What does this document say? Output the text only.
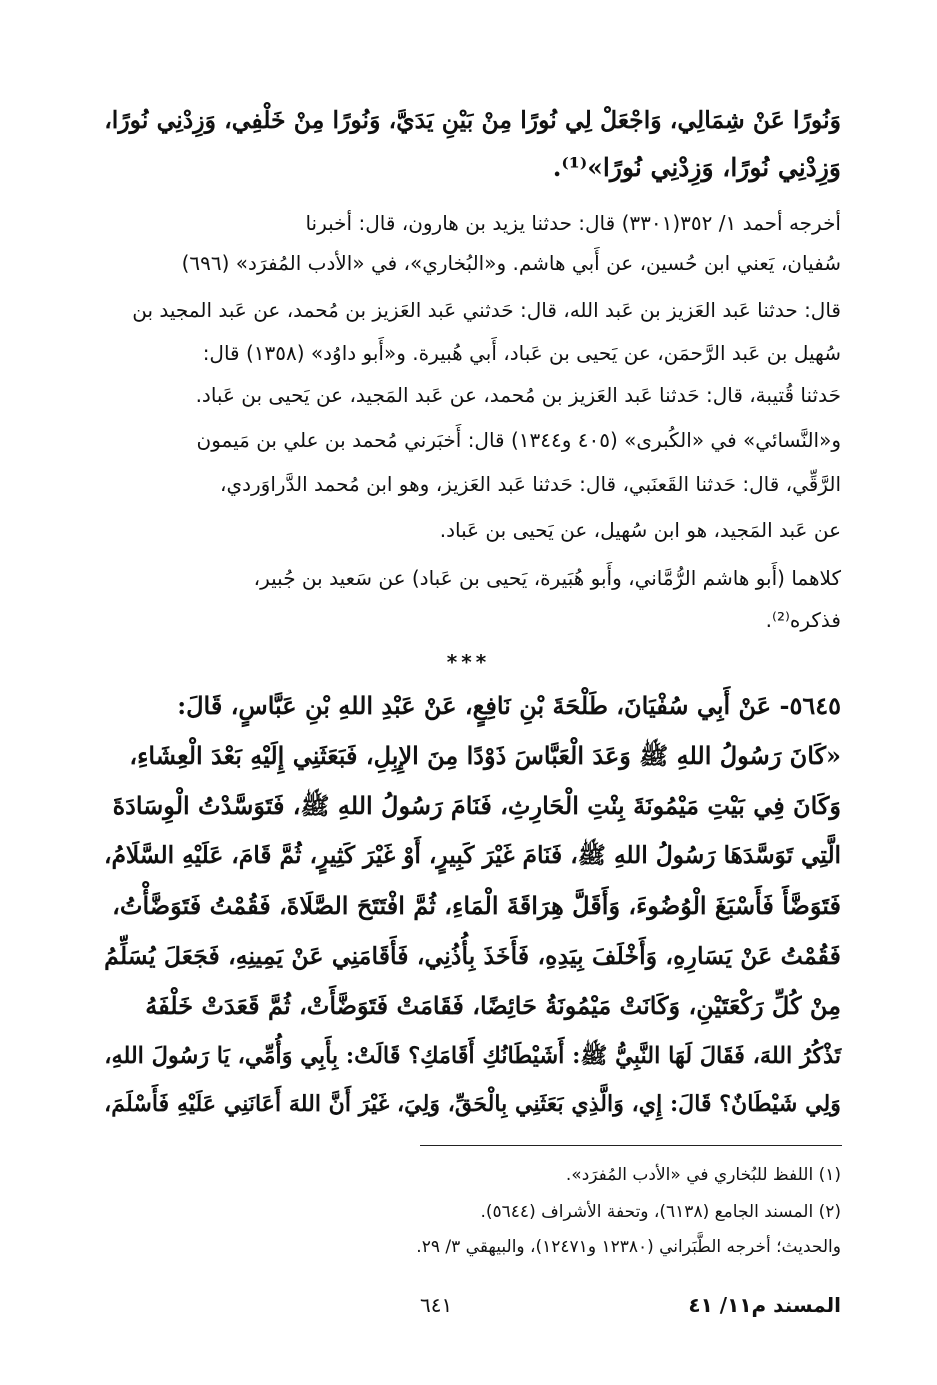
وَنُورًا عَنْ شِمَالِي، وَاجْعَلْ لِي نُورًا مِنْ بَيْنِ يَدَيَّ، وَنُورًا مِنْ خَلْفِي، وَزِدْنِي نُورًا،
وَزِدْنِي نُورًا، وَزِدْنِي نُورًا»⁽¹⁾.
أخرجه أحمد ١/ ٣٥٢(٣٣٠١) قال: حدثنا يزيد بن هارون، قال: أخبرنا
سُفيان، يَعني ابن حُسين، عن أَبي هاشم. و«البُخاري»، في «الأدب المُفرَد» (٦٩٦)
قال: حدثنا عَبد العَزيز بن عَبد الله، قال: حَدثني عَبد العَزيز بن مُحمد، عن عَبد المجيد بن
سُهيل بن عَبد الرَّحمَن، عن يَحيى بن عَباد، أَبي هُبيرة. و«أَبو داوُد» (١٣٥٨) قال:
حَدثنا قُتيبة، قال: حَدثنا عَبد العَزيز بن مُحمد، عن عَبد المَجيد، عن يَحيى بن عَباد.
و«النَّسائي» في «الكُبرى» (٤٠٥ و١٣٤٤) قال: أَخبَرني مُحمد بن علي بن مَيمون
الرَّقِّي، قال: حَدثنا القَعنَبي، قال: حَدثنا عَبد العَزيز، وهو ابن مُحمد الدَّراوَردي،
عن عَبد المَجيد، هو ابن سُهيل، عن يَحيى بن عَباد.
كلاهما (أَبو هاشم الرُّمَّاني، وأَبو هُبَيرة، يَحيى بن عَباد) عن سَعيد بن جُبير،
فذكره⁽²⁾.
***
٥٦٤٥- عَنْ أَبِي سُفْيَانَ، طَلْحَةَ بْنِ نَافِعٍ، عَنْ عَبْدِ اللهِ بْنِ عَبَّاسٍ، قَالَ:
«كَانَ رَسُولُ اللهِ ﷺ وَعَدَ الْعَبَّاسَ ذَوْدًا مِنَ الإِبِلِ، فَبَعَثَنِي إِلَيْهِ بَعْدَ الْعِشَاءِ،
وَكَانَ فِي بَيْتِ مَيْمُونَةَ بِنْتِ الْحَارِثِ، فَنَامَ رَسُولُ اللهِ ﷺ، فَتَوَسَّدْتُ الْوِسَادَةَ
الَّتِي تَوَسَّدَهَا رَسُولُ اللهِ ﷺ، فَنَامَ غَيْرَ كَبِيرٍ، أَوْ غَيْرَ كَثِيرٍ، ثُمَّ قَامَ، عَلَيْهِ السَّلَامُ،
فَتَوَضَّأَ فَأَسْبَغَ الْوُضُوءَ، وَأَقَلَّ هِرَاقَةَ الْمَاءِ، ثُمَّ افْتَتَحَ الصَّلَاةَ، فَقُمْتُ فَتَوَضَّأْتُ،
فَقُمْتُ عَنْ يَسَارِهِ، وَأَخْلَفَ بِيَدِهِ، فَأَخَذَ بِأُذُنِي، فَأَقَامَنِي عَنْ يَمِينِهِ، فَجَعَلَ يُسَلِّمُ
مِنْ كُلِّ رَكْعَتَيْنِ، وَكَانَتْ مَيْمُونَةُ حَائِضًا، فَقَامَتْ فَتَوَضَّأَتْ، ثُمَّ قَعَدَتْ خَلْفَهُ
تَذْكُرُ اللهَ، فَقَالَ لَهَا النَّبِيُّ ﷺ: أَشَيْطَانُكِ أَقَامَكِ؟ قَالَتْ: بِأَبِي وَأُمِّي، يَا رَسُولَ اللهِ،
وَلِي شَيْطَانٌ؟ قَالَ: إِي، وَالَّذِي بَعَثَنِي بِالْحَقِّ، وَلِيَ، غَيْرَ أَنَّ اللهَ أَعَانَنِي عَلَيْهِ فَأَسْلَمَ،
(١) اللفظ للبُخاري في «الأدب المُفرَد».
(٢) المسند الجامع (٦١٣٨)، وتحفة الأشراف (٥٦٤٤).
والحديث؛ أخرجه الطَّبَراني (١٢٣٨٠ و١٢٤٧١)، والبيهقي ٣/ ٢٩.
٦٤١	المسند م١١/ ٤١
